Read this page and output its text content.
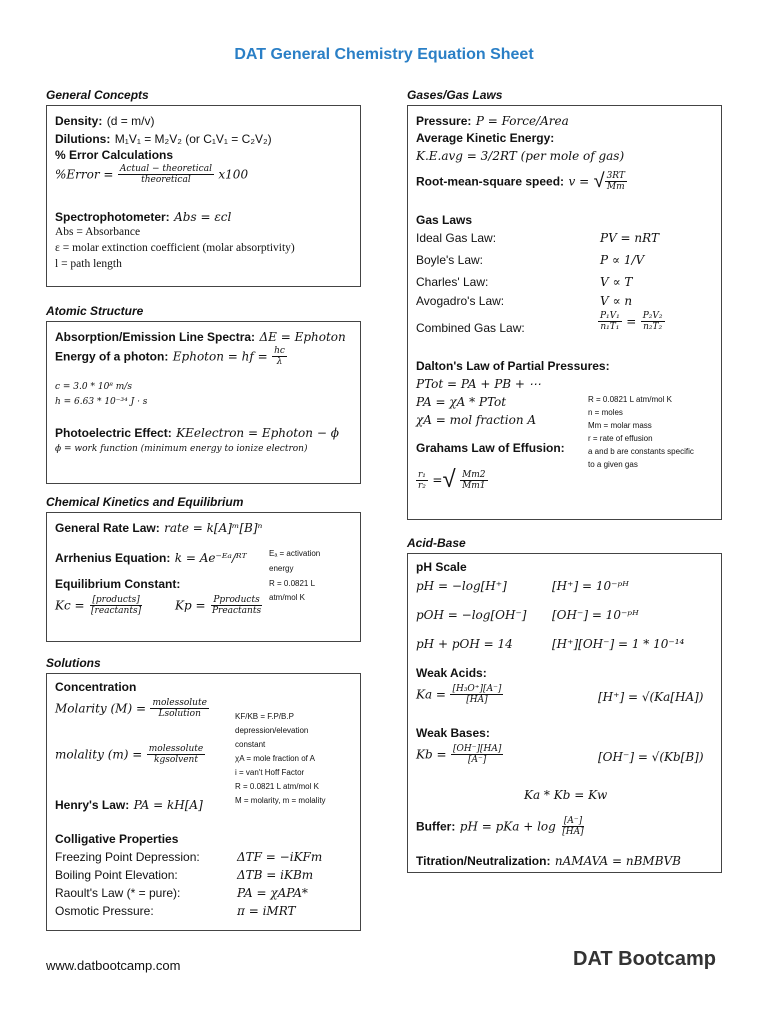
DAT General Chemistry Equation Sheet
General Concepts
Density: (d = m/v)
Dilutions: M₁V₁ = M₂V₂ (or C₁V₁ = C₂V₂)
% Error Calculations
%Error = $\frac{\text{Actual − theoretical}}{\text{theoretical}} x100$
Spectrophotometer: Abs = εcl
Abs = Absorbance
ε = molar extinction coefficient (molar absorptivity)
l = path length
Atomic Structure
Absorption/Emission Line Spectra: ΔE = Ephoton
Energy of a photon: Ephoton = hf = $\frac{hc}{\lambda}$
c = 3.0 * 10⁸ m/s
h = 6.63 * 10⁻³⁴ J · s
Photoelectric Effect: KEelectron = Ephoton − ϕ
ϕ = work function (minimum energy to ionize electron)
Chemical Kinetics and Equilibrium
General Rate Law: rate = k[A]ᵐ[B]ⁿ
Arrhenius Equation: k = Ae⁻ᴱᵃ/ᴿᵀ	Eₐ = activation
energy
R = 0.0821 L
atm/mol K
Equilibrium Constant:
$Kc = \frac{\text{[products]}}{\text{[reactants]}}$	$Kp = \frac{\text{Pproducts}}{\text{Preactants}}$
Solutions
Concentration
Molarity $(M) = \frac{\text{molessolute}}{\text{Lsolution}}$
molality $(m) = \frac{\text{molessolute}}{\text{kgsolvent}}$
KF/KB = F.P/B.P
depression/elevation
constant
χA = mole fraction of A
i = van't Hoff Factor
R = 0.0821 L atm/mol K
M = molarity, m = molality
Henry's Law: PA = kH[A]
Colligative Properties
Freezing Point Depression:	ΔTF = −iKFm
Boiling Point Elevation:	ΔTB = iKBm
Raoult's Law (* = pure):	PA = χAPA*
Osmotic Pressure:	π = iMRT
Gases/Gas Laws
Pressure: P = Force/Area
Average Kinetic Energy:
K.E.avg = 3/2RT (per mole of gas)
Root-mean-square speed: v = √ $\frac{3RT}{Mm}$
Gas Laws
Ideal Gas Law:	PV = nRT
Boyle's Law:	P ∝ 1/V
Charles' Law:	V ∝ T
Avogadro's Law:	V ∝ n
Combined Gas Law:	$\frac{\text{P₁V₁}}{\text{n₁T₁}} = \frac{\text{P₂V₂}}{\text{n₂T₂}}$
Dalton's Law of Partial Pressures:
PTot = PA + PB + ⋯
PA = χA * PTot
χA = mol fraction A
R = 0.0821 L atm/mol K
n = moles
Mm = molar mass
r = rate of effusion
a and b are constants specific
to a given gas
Grahams Law of Effusion:
$\frac{\text{r₁}}{\text{r₂}}$ =√ $\frac{Mm2}{Mm1}$
Acid-Base
pH Scale
pH = −log[H⁺]	[H⁺] = 10⁻ᵖᴴ
pOH = −log[OH⁻] [OH⁻] = 10⁻ᵖᴴ
pH + pOH = 14	[H⁺][OH⁻] = 1 * 10⁻¹⁴
Weak Acids:
$Ka = \frac{\text{[H₃O⁺][A⁻]}}{[HA]}$	[H⁺] = √(Ka[HA])
Weak Bases:
$Kb = \frac{[OH^-][HA]}{[A^-]}$	[OH⁻] = √(Kb[B])
Ka * Kb = Kw
Buffer: pH = pKa + $\log \frac{[A^-]}{[HA]}$
Titration/Neutralization: nAMAVA = nBMBVB
www.datbootcamp.com	DAT Bootcamp
